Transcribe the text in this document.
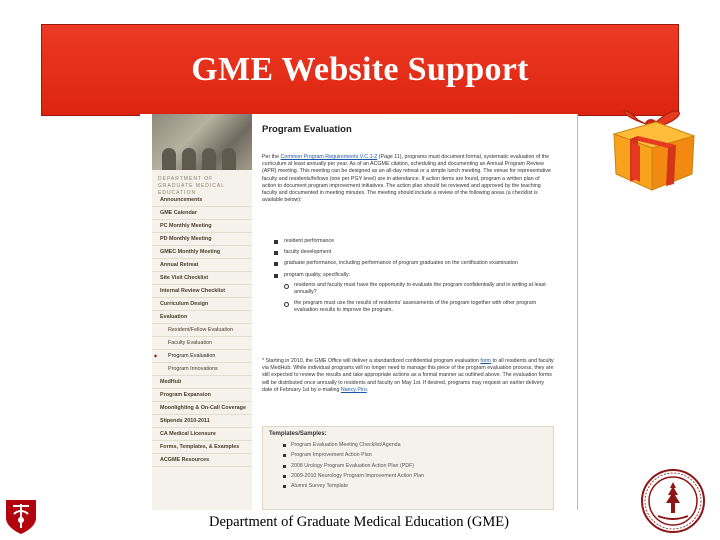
GME Website Support
DEPARTMENT OF GRADUATE MEDICAL EDUCATION
Announcements
GME Calendar
PC Monthly Meeting
PD Monthly Meeting
GMEC Monthly Meeting
Annual Retreat
Site Visit Checklist
Internal Review Checklist
Curriculum Design
Evaluation
Resident/Fellow Evaluation
Faculty Evaluation
◆ Program Evaluation
Program Innovations
MedHub
Program Expansion
Moonlighting & On-Call Coverage
Stipends 2010-2011
CA Medical Licensure
Forms, Templates, & Examples
ACGME Resources
Program Evaluation

Per the Common Program Requirements V.C.1-2 (Page 11), programs must document formal, systematic evaluation of the curriculum at least annually per year. As of an ACGME citation, scheduling and documenting an Annual Program Review (APR) meeting. This meeting can be designed as an all-day retreat or a simple lunch meeting. The venue for representative faculty and residents/fellows (one per PGY level) are in attendance. If action items are found, program a written plan of action to document program improvement initiatives. The action plan should be reviewed and approved by the teaching faculty and documented in meeting minutes. The meeting should include a review of the following areas (a checklist is available below):

resident performance
faculty development
graduate performance, including performance of program graduates on the certification examination
program quality, specifically:
residents and faculty must have the opportunity to evaluate the program confidentially and in writing at least annually?
the program must use the results of residents' assessments of the program together with other program evaluation results to improve the program.

* Starting in 2010, the GME Office will deliver a standardized confidential program evaluation form to all residents and faculty via MedHub. While individual programs will no longer need to manage this piece of the program evaluation process, they are still expected to review the results and take appropriate actions as a formal manner as outlined above. The evaluation forms will be distributed once annually to residents and faculty on May 1st. If desired, programs may request an earlier delivery date of February 1st by e-mailing Nancy Piro.

Templates/Samples:
Program Evaluation Meeting Checklist/Agenda
Program Improvement Action Plan
2008 Urology Program Evaluation Action Plan (PDF)
2009-2010 Neurology Program Improvement Action Plan
Alumni Survey Template
Department of Graduate Medical Education (GME)
